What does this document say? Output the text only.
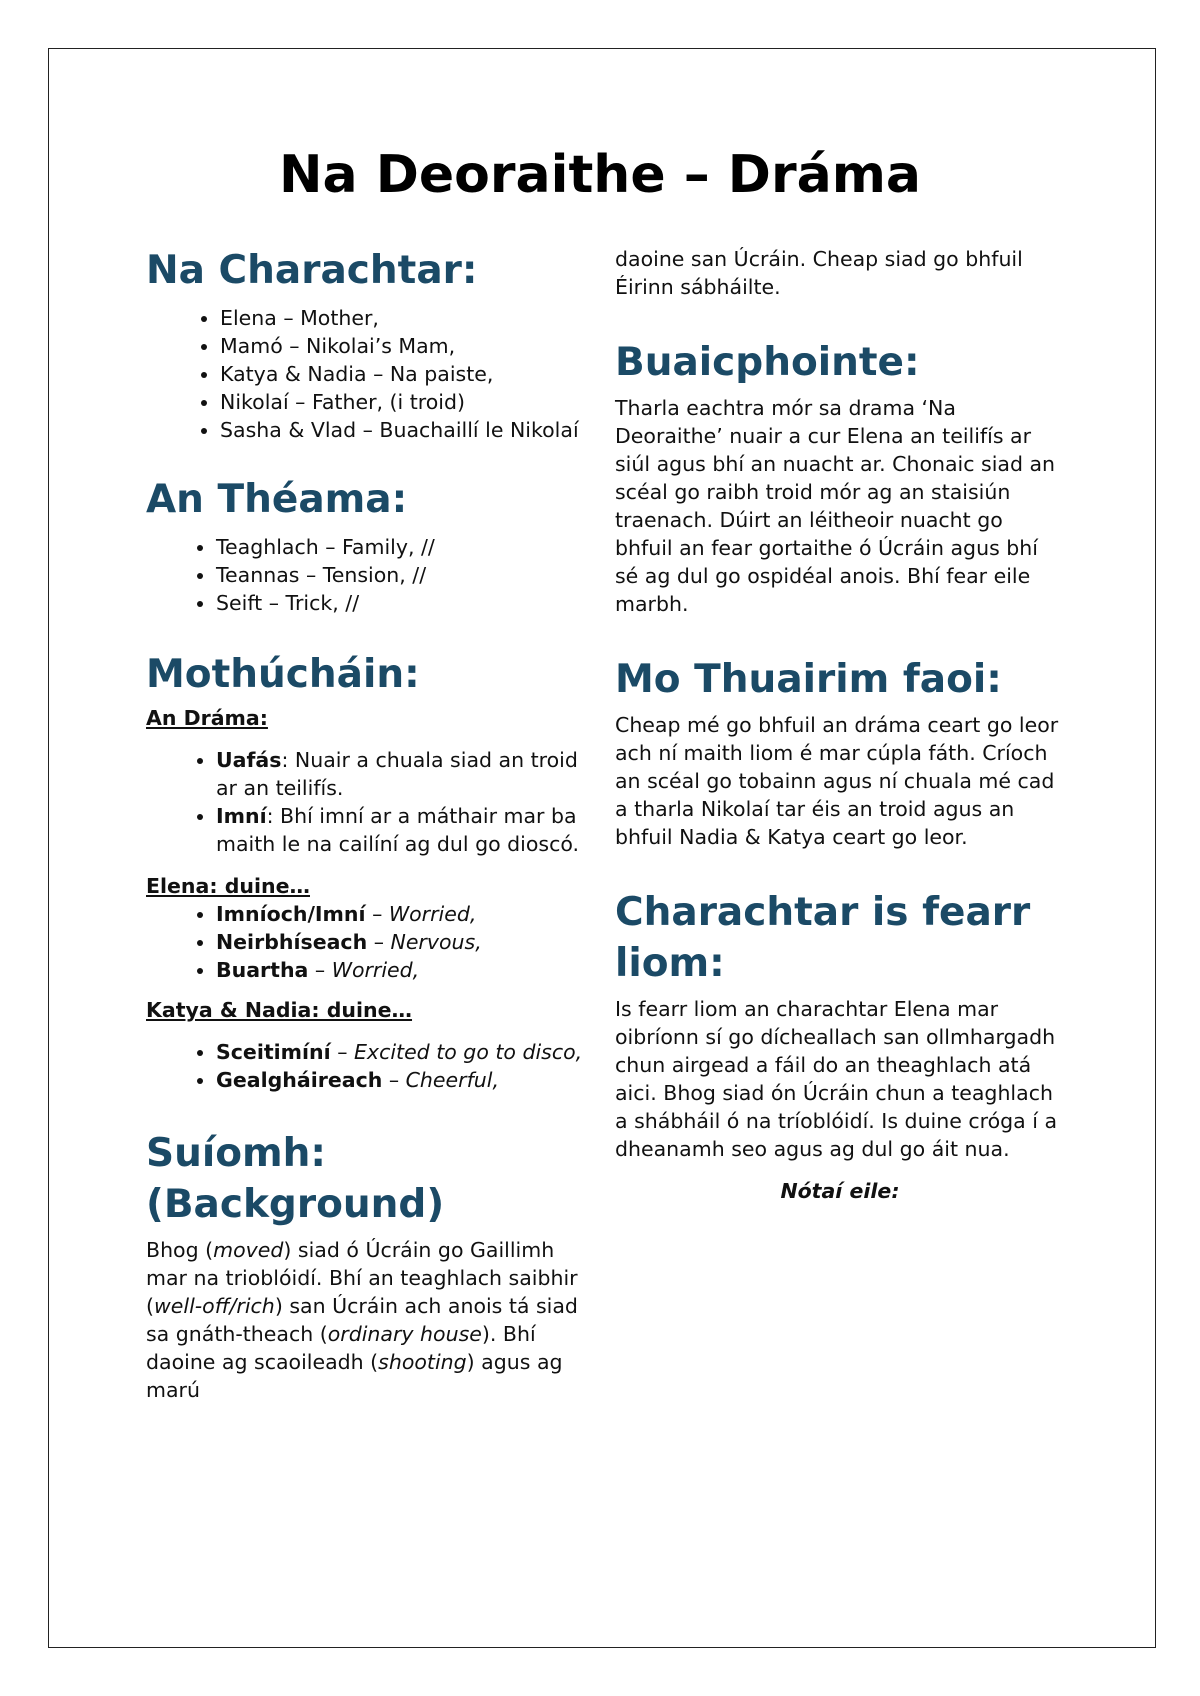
Na Deoraithe – Dráma
Na Charachtar:
• Elena – Mother,
• Mamó – Nikolai’s Mam,
• Katya & Nadia – Na paiste,
• Nikolaí – Father, (i troid)
• Sasha & Vlad – Buachaillí le Nikolaí
An Théama:
• Teaghlach – Family, //
• Teannas – Tension, //
• Seift – Trick, //
Mothúcháin:

An Dráma:

• Uafás: Nuair a chuala siad an troid ar an teilifís.
• Imní: Bhí imní ar a máthair mar ba maith le na cailíní ag dul go dioscó.

Elena: duine…

• Imníoch/Imní – Worried,
• Neirbhíseach – Nervous,
• Buartha – Worried,

Katya & Nadia: duine…

• Sceitimíní – Excited to go to disco,
• Gealgháireach – Cheerful,
Suíomh: (Background)

Bhog (moved) siad ó Úcráin go Gaillimh mar na trioblóidí. Bhí an teaghlach saibhir (well-off/rich) san Úcráin ach anois tá siad sa gnáth-theach (ordinary house). Bhí daoine ag scaoileadh (shooting) agus ag marú

daoine san Úcráin. Cheap siad go bhfuil Éirinn sábháilte.

Buaicphointe:

Tharla eachtra mór sa drama ‘Na Deoraithe’ nuair a cur Elena an teilifís ar siúl agus bhí an nuacht ar. Chonaic siad an scéal go raibh troid mór ag an staisiún traenach. Dúirt an léitheoir nuacht go bhfuil an fear gortaithe ó Úcráin agus bhí sé ag dul go ospidéal anois. Bhí fear eile marbh.

Mo Thuairim faoi:

Cheap mé go bhfuil an dráma ceart go leor ach ní maith liom é mar cúpla fáth. Críoch an scéal go tobainn agus ní chuala mé cad a tharla Nikolaí tar éis an troid agus an bhfuil Nadia & Katya ceart go leor.

Charachtar is fearr liom:

Is fearr liom an charachtar Elena mar oibríonn sí go dícheallach san ollmhargadh chun airgead a fáil do an theaghlach atá aici. Bhog siad ón Úcráin chun a teaghlach a shábháil ó na tríoblóidí. Is duine cróga í a dheanamh seo agus ag dul go áit nua.

Nótaí eile:
